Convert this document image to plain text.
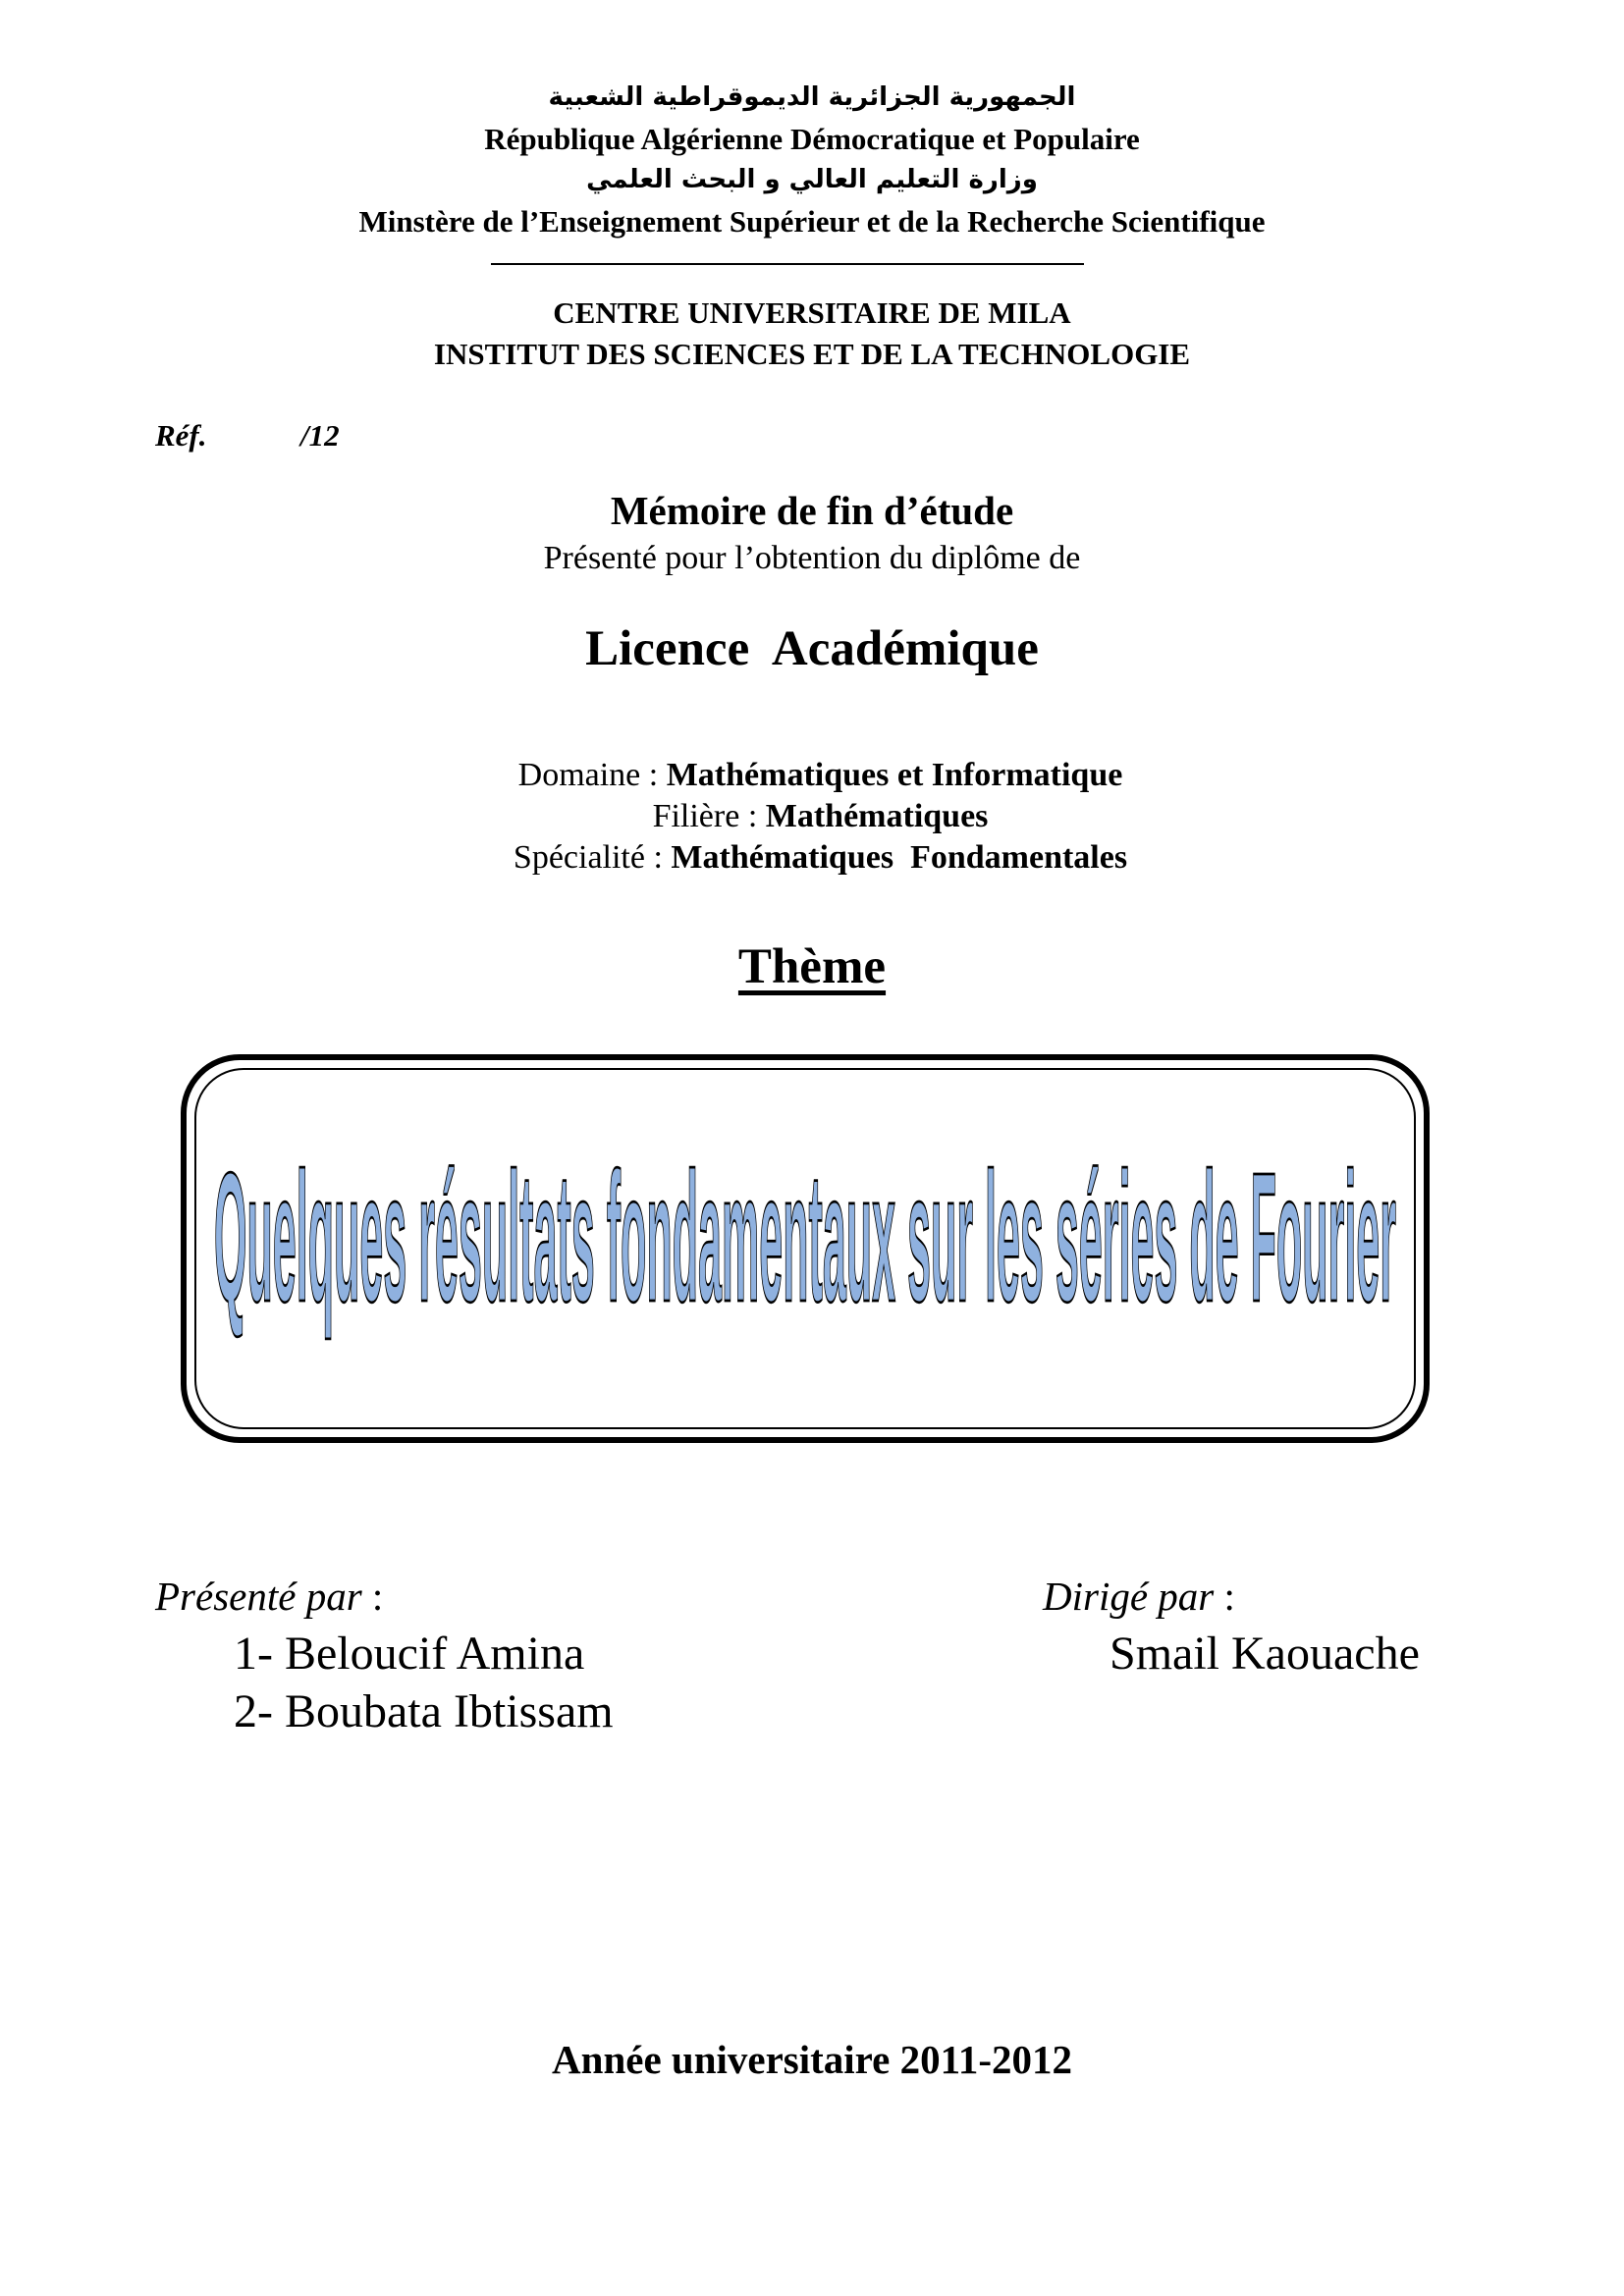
الجمهورية الجزائرية الديموقراطية الشعبية
République Algérienne Démocratique et Populaire
وزارة التعليم العالي و البحث العلمي
Minstère de l’Enseignement Supérieur et de la Recherche Scientifique
CENTRE UNIVERSITAIRE DE MILA
INSTITUT DES SCIENCES ET DE LA TECHNOLOGIE
Réf.	/12
Mémoire de fin d’étude
Présenté pour l’obtention du diplôme de
Licence  Académique

Domaine : Mathématiques et Informatique

Filière : Mathématiques

Spécialité : Mathématiques  Fondamentales

Thème
Quelques résultats fondamentaux sur les séries de Fourier
Présenté par :
1- Beloucif Amina
2- Boubata Ibtissam
Dirigé par :
Smail Kaouache
Année universitaire 2011-2012
